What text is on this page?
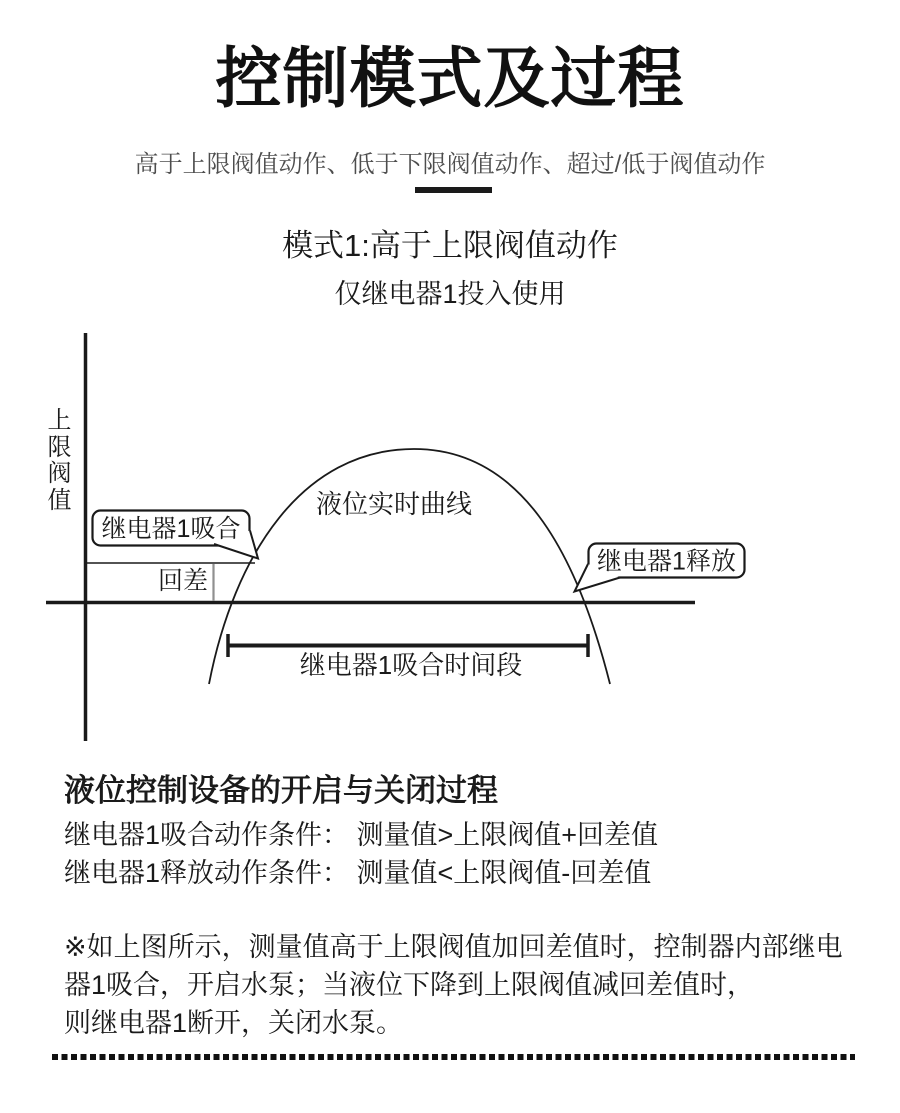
控制模式及过程
高于上限阀值动作、低于下限阀值动作、超过/低于阀值动作
模式1:高于上限阀值动作
仅继电器1投入使用
上限阀值	液位实时曲线
回差
继电器1吸合时间段
继电器1吸合
继电器1释放
液位控制设备的开启与关闭过程
继电器1吸合动作条件： 测量值>上限阀值+回差值
继电器1释放动作条件： 测量值<上限阀值-回差值
※如上图所示，测量值高于上限阀值加回差值时，控制器内部继电
器1吸合，开启水泵；当液位下降到上限阀值减回差值时，
则继电器1断开，关闭水泵。
